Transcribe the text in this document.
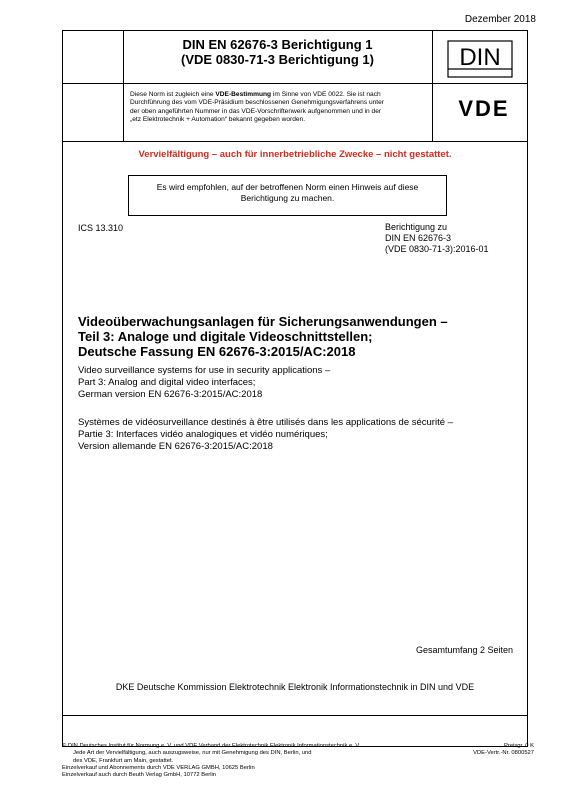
Dezember 2018
DIN EN 62676-3 Berichtigung 1
(VDE 0830-71-3 Berichtigung 1)	DIN
Diese Norm ist zugleich eine VDE-Bestimmung im Sinne von VDE 0022. Sie ist nach
Durchführung des vom VDE-Präsidium beschlossenen Genehmigungsverfahrens unter
der oben angeführten Nummer in das VDE-Vorschriftenwerk aufgenommen und in der
„etz Elektrotechnik + Automation“ bekannt gegeben worden.	VDE
Vervielfältigung – auch für innerbetriebliche Zwecke – nicht gestattet.
Es wird empfohlen, auf der betroffenen Norm einen Hinweis auf diese
Berichtigung zu machen.
ICS 13.310	Berichtigung zu
DIN EN 62676-3
(VDE 0830-71-3):2016-01
Videoüberwachungsanlagen für Sicherungsanwendungen –
Teil 3: Analoge und digitale Videoschnittstellen;
Deutsche Fassung EN 62676-3:2015/AC:2018
Video surveillance systems for use in security applications –
Part 3: Analog and digital video interfaces;
German version EN 62676-3:2015/AC:2018
Systèmes de vidéosurveillance destinés à être utilisés dans les applications de sécurité –
Partie 3: Interfaces vidéo analogiques et vidéo numériques;
Version allemande EN 62676-3:2015/AC:2018
Gesamtumfang 2 Seiten
DKE Deutsche Kommission Elektrotechnik Elektronik Informationstechnik in DIN und VDE
© DIN Deutsches Institut für Normung e. V. und VDE Verband der Elektrotechnik Elektronik Informationstechnik e. V.
Jede Art der Vervielfältigung, auch auszugsweise, nur mit Genehmigung des DIN, Berlin, und
des VDE, Frankfurt am Main, gestattet.
Einzelverkauf und Abonnements durch VDE VERLAG GMBH, 10625 Berlin
Einzelverkauf auch durch Beuth Verlag GmbH, 10772 Berlin
Preisgr. 0 K
VDE-Vertr.-Nr. 0800527
